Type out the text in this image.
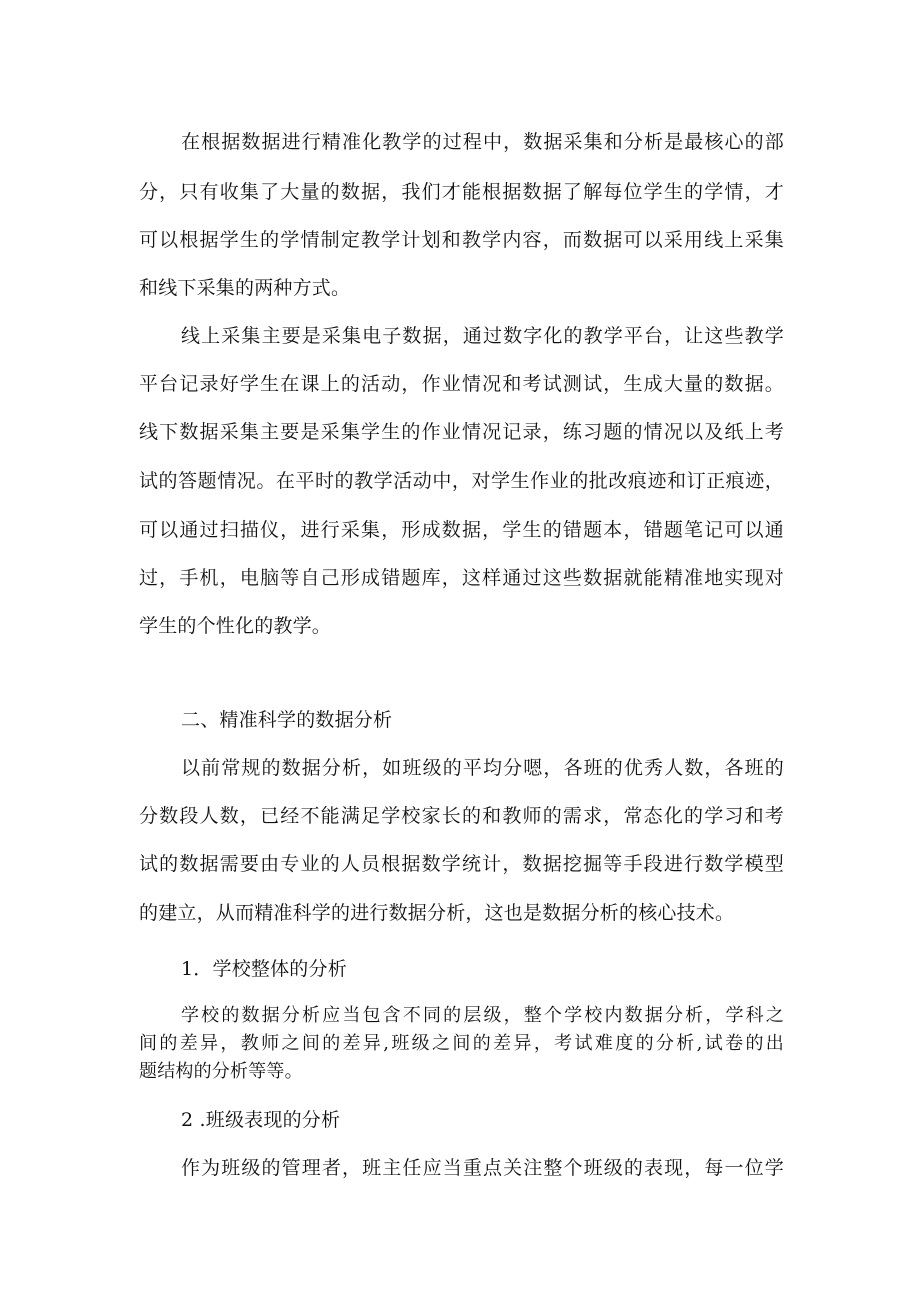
在根据数据进行精准化教学的过程中，数据采集和分析是最核心的部
分，只有收集了大量的数据，我们才能根据数据了解每位学生的学情，才
可以根据学生的学情制定教学计划和教学内容，而数据可以采用线上采集
和线下采集的两种方式。
线上采集主要是采集电子数据，通过数字化的教学平台，让这些教学
平台记录好学生在课上的活动，作业情况和考试测试，生成大量的数据。
线下数据采集主要是采集学生的作业情况记录，练习题的情况以及纸上考
试的答题情况。在平时的教学活动中，对学生作业的批改痕迹和订正痕迹，
可以通过扫描仪，进行采集，形成数据，学生的错题本，错题笔记可以通
过，手机，电脑等自己形成错题库，这样通过这些数据就能精准地实现对
学生的个性化的教学。
二、精准科学的数据分析
以前常规的数据分析，如班级的平均分嗯，各班的优秀人数，各班的
分数段人数，已经不能满足学校家长的和教师的需求，常态化的学习和考
试的数据需要由专业的人员根据数学统计，数据挖掘等手段进行数学模型
的建立，从而精准科学的进行数据分析，这也是数据分析的核心技术。
1．学校整体的分析
学校的数据分析应当包含不同的层级，整个学校内数据分析，学科之
间的差异，教师之间的差异,班级之间的差异，考试难度的分析,试卷的出
题结构的分析等等。
2 .班级表现的分析
作为班级的管理者，班主任应当重点关注整个班级的表现，每一位学
